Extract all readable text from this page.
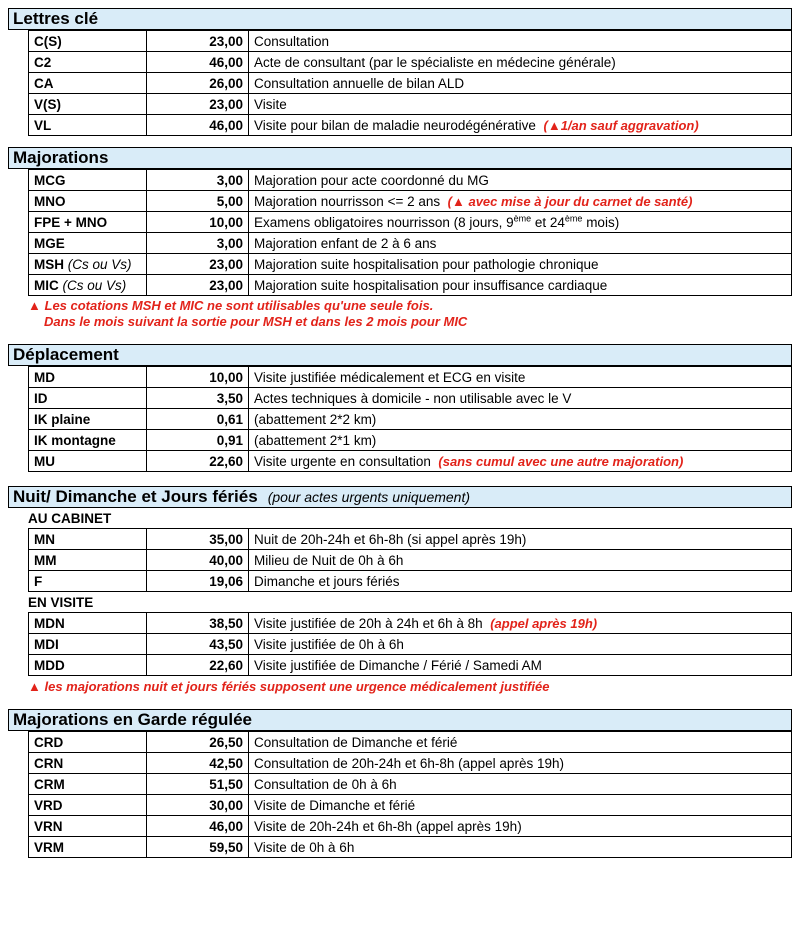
Lettres clé
C(S)	23,00	Consultation
C2	46,00	Acte de consultant (par le spécialiste en médecine générale)
CA	26,00	Consultation annuelle de bilan ALD
V(S)	23,00	Visite
VL	46,00	Visite pour bilan de maladie neurodégénérative (▲1/an sauf aggravation)
Majorations
MCG	3,00	Majoration pour acte coordonné du MG
MNO	5,00	Majoration nourrisson <= 2 ans (▲ avec mise à jour du carnet de santé)
FPE + MNO	10,00	Examens obligatoires nourrisson (8 jours, 9ème et 24ème mois)
MGE	3,00	Majoration enfant de 2 à 6 ans
MSH (Cs ou Vs)	23,00	Majoration suite hospitalisation pour pathologie chronique
MIC (Cs ou Vs)	23,00	Majoration suite hospitalisation pour insuffisance cardiaque
▲ Les cotations MSH et MIC ne sont utilisables qu'une seule fois.
Dans le mois suivant la sortie pour MSH et dans les 2 mois pour MIC
Déplacement
MD	10,00	Visite justifiée médicalement et ECG en visite
ID	3,50	Actes techniques à domicile - non utilisable avec le V
IK plaine	0,61	(abattement 2*2 km)
IK montagne	0,91	(abattement 2*1 km)
MU	22,60	Visite urgente en consultation (sans cumul avec une autre majoration)
Nuit/ Dimanche et Jours fériés (pour actes urgents uniquement)
AU CABINET
MN	35,00	Nuit de 20h-24h et 6h-8h (si appel après 19h)
MM	40,00	Milieu de Nuit de 0h à 6h
F	19,06	Dimanche et jours fériés
EN VISITE
MDN	38,50	Visite justifiée de 20h à 24h et 6h à 8h (appel après 19h)
MDI	43,50	Visite justifiée de 0h à 6h
MDD	22,60	Visite justifiée de Dimanche / Férié / Samedi AM
▲ les majorations nuit et jours fériés supposent une urgence médicalement justifiée
Majorations en Garde régulée
CRD	26,50	Consultation de Dimanche et férié
CRN	42,50	Consultation de 20h-24h et 6h-8h (appel après 19h)
CRM	51,50	Consultation de 0h à 6h
VRD	30,00	Visite de Dimanche et férié
VRN	46,00	Visite de 20h-24h et 6h-8h (appel après 19h)
VRM	59,50	Visite de 0h à 6h
